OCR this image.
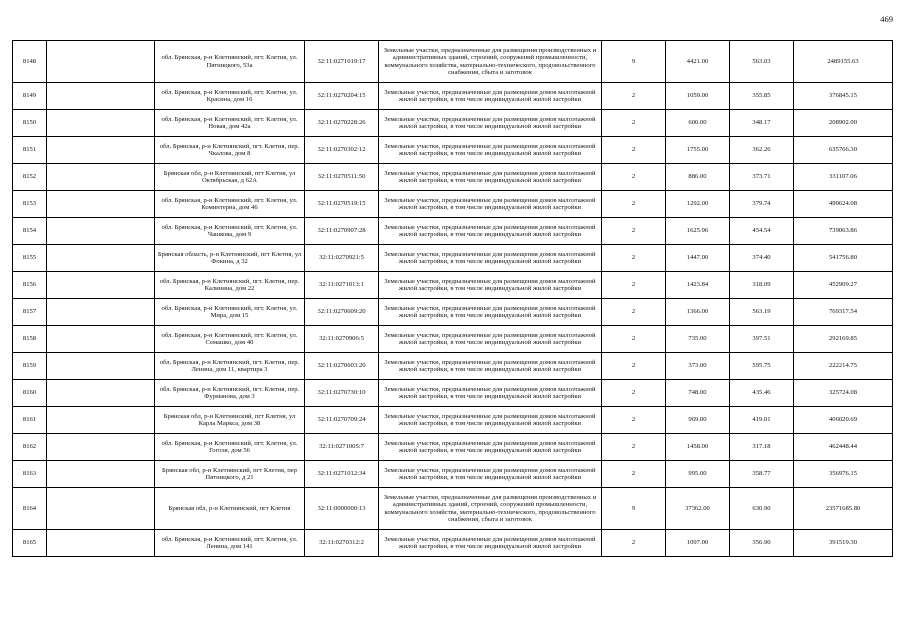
469
8148		обл. Брянская, р-н Клетнянский, пгт. Клетня, ул. Пятницкого, 53а	32:11:0271019:17	Земельные участки, предназначенные для размещения производственных и административных зданий, строений, сооружений промышленности, коммунального хозяйства, материально-технического, продовольственного снабжения, сбыта и заготовок	9	4421.00	563.03	2489155.63
8149		обл. Брянская, р-н Клетнянский, пгт. Клетня, ул. Красина, дом 16	32:11:0270204:15	Земельные участки, предназначенные для размещения домов малоэтажной жилой застройки, в том числе индивидуальной жилой застройки	2	1059.00	355.85	376845.15
8150		обл. Брянская, р-н Клетнянский, пгт. Клетня, ул. Новая, дом 42а	32:11:0270228:26	Земельные участки, предназначенные для размещения домов малоэтажной жилой застройки, в том числе индивидуальной жилой застройки	2	600.00	348.17	208902.00
8151		обл. Брянская, р-н Клетнянский, пгт. Клетня, пер. Чкалова, дом 8	32:11:0270302:12	Земельные участки, предназначенные для размещения домов малоэтажной жилой застройки, в том числе индивидуальной жилой застройки	2	1755.00	362.26	635766.30
8152		Брянская обл, р-н Клетнянский, пгт Клетня, ул Октябрьская, д 62А	32:11:0270511:50	Земельные участки, предназначенные для размещения домов малоэтажной жилой застройки, в том числе индивидуальной жилой застройки	2	886.00	373.71	331107.06
8153		обл. Брянская, р-н Клетнянский, пгт. Клетня, ул. Коминтерна, дом 46	32:11:0270519:15	Земельные участки, предназначенные для размещения домов малоэтажной жилой застройки, в том числе индивидуальной жилой застройки	2	1292.00	379.74	490624.08
8154		обл. Брянская, р-н Клетнянский, пгт. Клетня, ул. Чашкова, дом 9	32:11:0270907:28	Земельные участки, предназначенные для размещения домов малоэтажной жилой застройки, в том числе индивидуальной жилой застройки	2	1625.96	454.54	739063.86
8155		Брянская область, р-н Клетнянский, пгт Клетня, ул Фокина, д 32	32:11:0270921:5	Земельные участки, предназначенные для размещения домов малоэтажной жилой застройки, в том числе индивидуальной жилой застройки	2	1447.00	374.40	541756.80
8156		обл. Брянская, р-н Клетнянский, пгт. Клетня, пер. Калинина, дом 22	32:11:0271013:1	Земельные участки, предназначенные для размещения домов малоэтажной жилой застройки, в том числе индивидуальной жилой застройки	2	1423.84	318.09	452909.27
8157		обл. Брянская, р-н Клетнянский, пгт. Клетня, ул. Мира, дом 15	32:11:0270609:20	Земельные участки, предназначенные для размещения домов малоэтажной жилой застройки, в том числе индивидуальной жилой застройки	2	1366.00	563.19	769317.54
8158		обл. Брянская, р-н Клетнянский, пгт. Клетня, ул. Семашко, дом 40	32:11:0270906:5	Земельные участки, предназначенные для размещения домов малоэтажной жилой застройки, в том числе индивидуальной жилой застройки	2	735.00	397.51	292169.85
8159		обл. Брянская, р-н Клетнянский, пгт. Клетня, пер. Ленина, дом 11, квартира 3	32:11:0270603:20	Земельные участки, предназначенные для размещения домов малоэтажной жилой застройки, в том числе индивидуальной жилой застройки	2	373.00	595.75	222214.75
8160		обл. Брянская, р-н Клетнянский, пгт. Клетня, пер. Фурманова, дом 3	32:11:0270730:10	Земельные участки, предназначенные для размещения домов малоэтажной жилой застройки, в том числе индивидуальной жилой застройки	2	748.00	435.46	325724.08
8161		Брянская обл, р-н Клетнянский, пгт Клетня, ул Карла Маркса, дом 38	32:11:0270709:24	Земельные участки, предназначенные для размещения домов малоэтажной жилой застройки, в том числе индивидуальной жилой застройки	2	969.00	419.01	406020.69
8162		обл. Брянская, р-н Клетнянский, пгт. Клетня, ул. Гоголя, дом 56	32:11:0271005:7	Земельные участки, предназначенные для размещения домов малоэтажной жилой застройки, в том числе индивидуальной жилой застройки	2	1458.00	317.18	462448.44
8163		Брянская обл, р-н Клетнянский, пгт Клетня, пер Пятницкого, д 21	32:11:0271012:34	Земельные участки, предназначенные для размещения домов малоэтажной жилой застройки, в том числе индивидуальной жилой застройки	2	995.00	358.77	356976.15
8164		Брянская обл, р-н Клетнянский, пгт Клетня	32:11:0000000:13	Земельные участки, предназначенные для размещения производственных и административных зданий, строений, сооружений промышленности, коммунального хозяйства, материально-технического, продовольственного снабжения, сбыта и заготовок	9	37362.00	630.90	23571685.80
8165		обл. Брянская, р-н Клетнянский, пгт. Клетня, ул. Ленина, дом 141	32:11:0270312:2	Земельные участки, предназначенные для размещения домов малоэтажной жилой застройки, в том числе индивидуальной жилой застройки	2	1097.00	356.90	391519.30
